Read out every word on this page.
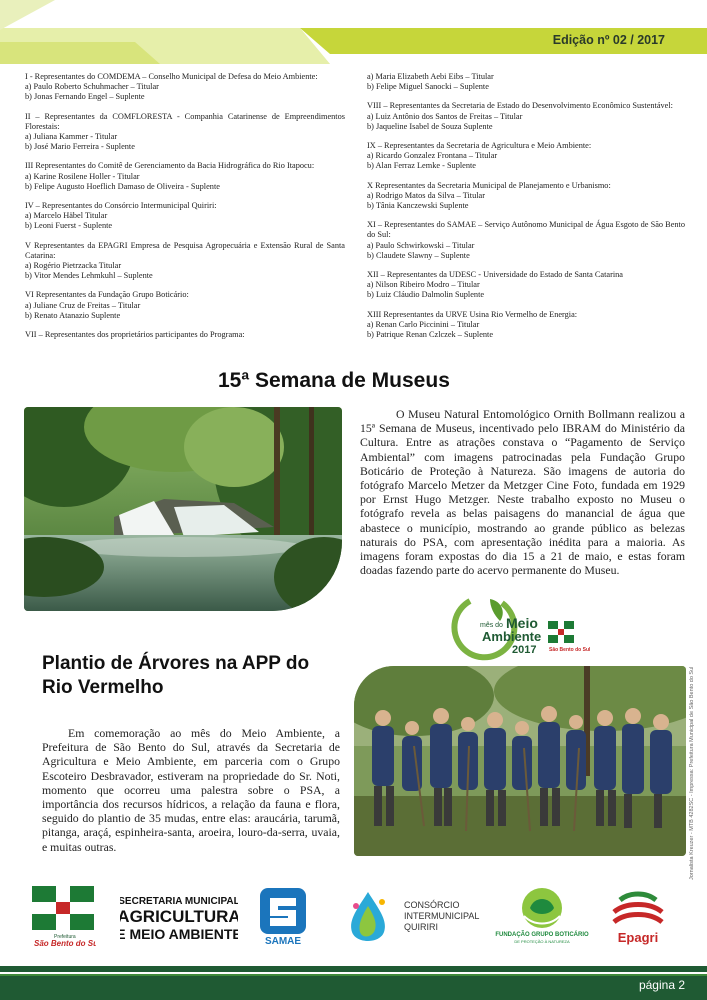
Edição nº 02 / 2017
I - Representantes do COMDEMA – Conselho Municipal de Defesa do Meio Ambiente:
a) Paulo Roberto Schuhmacher – Titular
b) Jonas Fernando Engel – Suplente
II – Representantes da COMFLORESTA - Companhia Catarinense de Empreendimentos Florestais:
a) Juliana Kammer - Titular
b) José Mario Ferreira - Suplente
III Representantes do Comitê de Gerenciamento da Bacia Hidrográfica do Rio Itapocu:
a) Karine Rosilene Holler - Titular
b) Felipe Augusto Hoeflich Damaso de Oliveira - Suplente
IV – Representantes do Consórcio Intermunicipal Quiriri:
a) Marcelo Häbel Titular
b) Leoni Fuerst - Suplente
V Representantes da EPAGRI Empresa de Pesquisa Agropecuária e Extensão Rural de Santa Catarina:
a) Rogério Pietrzacka Titular
b) Vitor Mendes Lehmkuhl – Suplente
VI Representantes da Fundação Grupo Boticário:
a) Juliane Cruz de Freitas – Titular
b) Renato Atanazio Suplente
VII – Representantes dos proprietários participantes do Programa:
a) Maria Elizabeth Aebi Eibs – Titular
b) Felipe Miguel Sanocki – Suplente
VIII – Representantes da Secretaria de Estado do Desenvolvimento Econômico Sustentável:
a) Luiz Antônio dos Santos de Freitas – Titular
b) Jaqueline Isabel de Souza Suplente
IX – Representantes da Secretaria de Agricultura e Meio Ambiente:
a) Ricardo Gonzalez Frontana – Titular
b) Alan Ferraz Lemke - Suplente
X Representantes da Secretaria Municipal de Planejamento e Urbanismo:
a) Rodrigo Matos da Silva – Titular
b) Tânia Kanczewski Suplente
XI – Representantes do SAMAE – Serviço Autônomo Municipal de Água Esgoto de São Bento do Sul:
a) Paulo Schwirkowski – Titular
b) Claudete Slawny – Suplente
XII – Representantes da UDESC - Universidade do Estado de Santa Catarina
a) Nilson Ribeiro Modro – Titular
b) Luiz Cláudio Dalmolin Suplente
XIII Representantes da URVE Usina Rio Vermelho de Energia:
a) Renan Carlo Piccinini – Titular
b) Patrique Renan Czlczek – Suplente
15ª Semana de Museus

O Museu Natural Entomológico Ornith Bollmann realizou a 15ª Semana de Museus, incentivado pelo IBRAM do Ministério da Cultura. Entre as atrações constava o “Pagamento de Serviço Ambiental” com imagens patrocinadas pela Fundação Grupo Boticário de Proteção à Natureza. São imagens de autoria do fotógrafo Marcelo Metzer da Metzger Cine Foto, fundada em 1929 por Ernst Hugo Metzger. Neste trabalho exposto no Museu o fotógrafo revela as belas paisagens do manancial de água que abastece o município, mostrando ao grande público as belezas naturais do PSA, com apresentação inédita para a maioria. As imagens foram expostas do dia 15 a 21 de maio, e estas foram doadas fazendo parte do acervo permanente do Museu.

mês do Meio
Ambiente
2017	São Bento do Sul
Plantio de Árvores na APP do Rio Vermelho

Em comemoração ao mês do Meio Ambiente, a Prefeitura de São Bento do Sul, através da Secretaria de Agricultura e Meio Ambiente, em parceria com o Grupo Escoteiro Desbravador, estiveram na propriedade do Sr. Noti, momento que ocorreu uma palestra sobre o PSA, a importância dos recursos hídricos, a relação da fauna e flora, seguido do plantio de 35 mudas, entre elas: araucária, tarumã, pitanga, araçá, espinheira-santa, aroeira, louro-da-serra, uvaia, e muitas outras.	Jornalista Kreuzer - MTB 4282SC - Impressa: Prefeitura Municipal de São Bento do Sul
Prefeitura
São Bento do Sul
SECRETARIA MUNICIPAL
AGRICULTURA
E MEIO AMBIENTE SAMAE
CONSÓRCIO
INTERMUNICIPAL
QUIRIRI
FUNDAÇÃO GRUPO BOTICÁRIO
DE PROTEÇÃO À NATUREZA	Epagri
página 2
